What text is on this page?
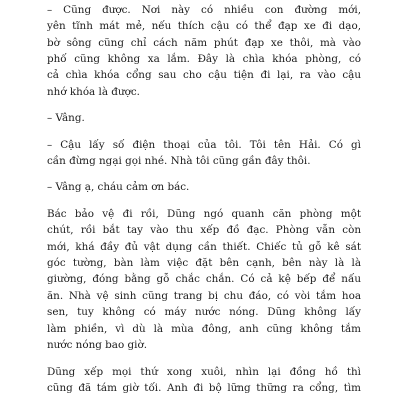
– Cũng được. Nơi này có nhiều con đường mới,
yên tĩnh mát mẻ, nếu thích cậu có thể đạp xe đi dạo,
bờ sông cũng chỉ cách năm phút đạp xe thôi, mà vào
phố cũng không xa lắm. Đây là chìa khóa phòng, có
cả chìa khóa cổng sau cho cậu tiện đi lại, ra vào cậu
nhớ khóa là được.
– Vâng.
– Cậu lấy số điện thoại của tôi. Tôi tên Hải. Có gì
cần đừng ngại gọi nhé. Nhà tôi cũng gần đây thôi.
– Vâng ạ, cháu cảm ơn bác.
Bác bảo vệ đi rồi, Dũng ngó quanh căn phòng một
chút, rồi bắt tay vào thu xếp đồ đạc. Phòng vẫn còn
mới, khá đầy đủ vật dụng cần thiết. Chiếc tủ gỗ kê sát
góc tường, bàn làm việc đặt bên cạnh, bên này là là
giường, đóng bằng gỗ chắc chắn. Có cả kệ bếp để nấu
ăn. Nhà vệ sinh cũng trang bị chu đáo, có vòi tắm hoa
sen, tuy không có máy nước nóng. Dũng không lấy
làm phiền, vì dù là mùa đông, anh cũng không tắm
nước nóng bao giờ.
Dũng xếp mọi thứ xong xuôi, nhìn lại đồng hồ thì
cũng đã tám giờ tối. Anh đi bộ lững thững ra cổng, tìm
